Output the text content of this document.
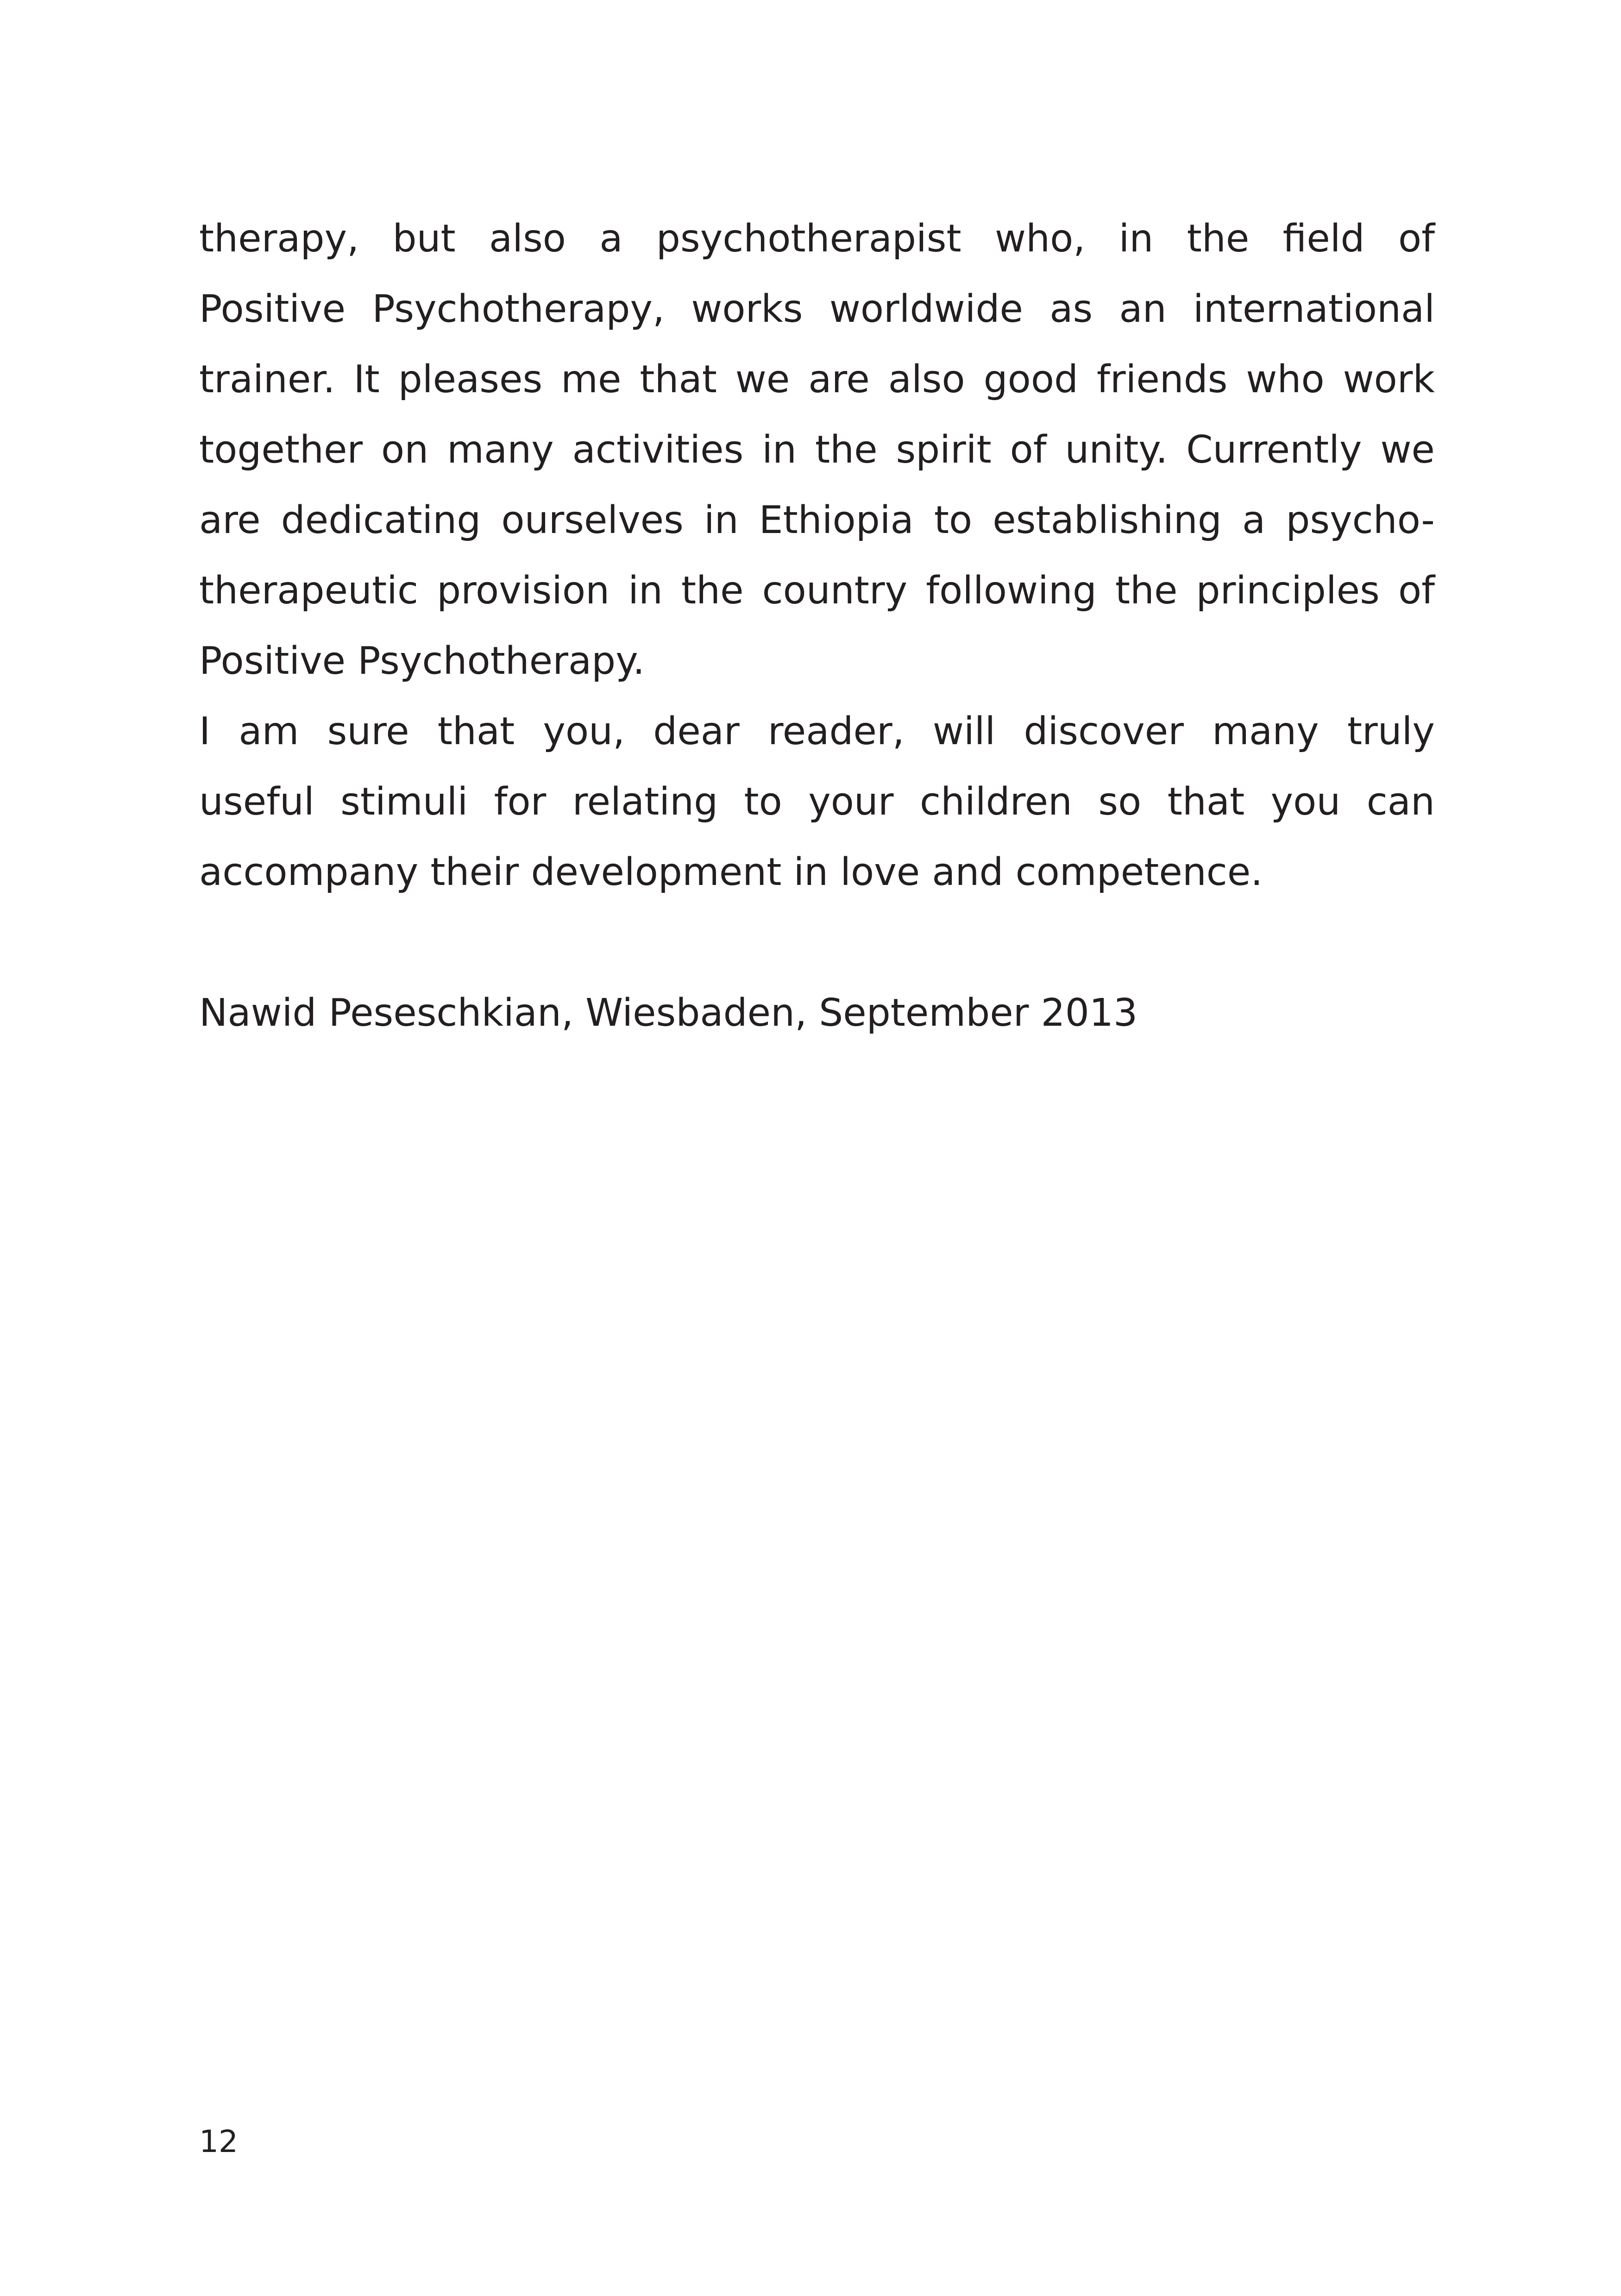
therapy, but also a psychotherapist who, in the field of
Positive Psychotherapy, works worldwide as an international
trainer. It pleases me that we are also good friends who work
together on many activities in the spirit of unity. Currently we
are dedicating ourselves in Ethiopia to establishing a psycho-
therapeutic provision in the country following the principles of
Positive Psychotherapy.
I am sure that you, dear reader, will discover many truly
useful stimuli for relating to your children so that you can
accompany their development in love and competence.
Nawid Peseschkian, Wiesbaden, September 2013
12
